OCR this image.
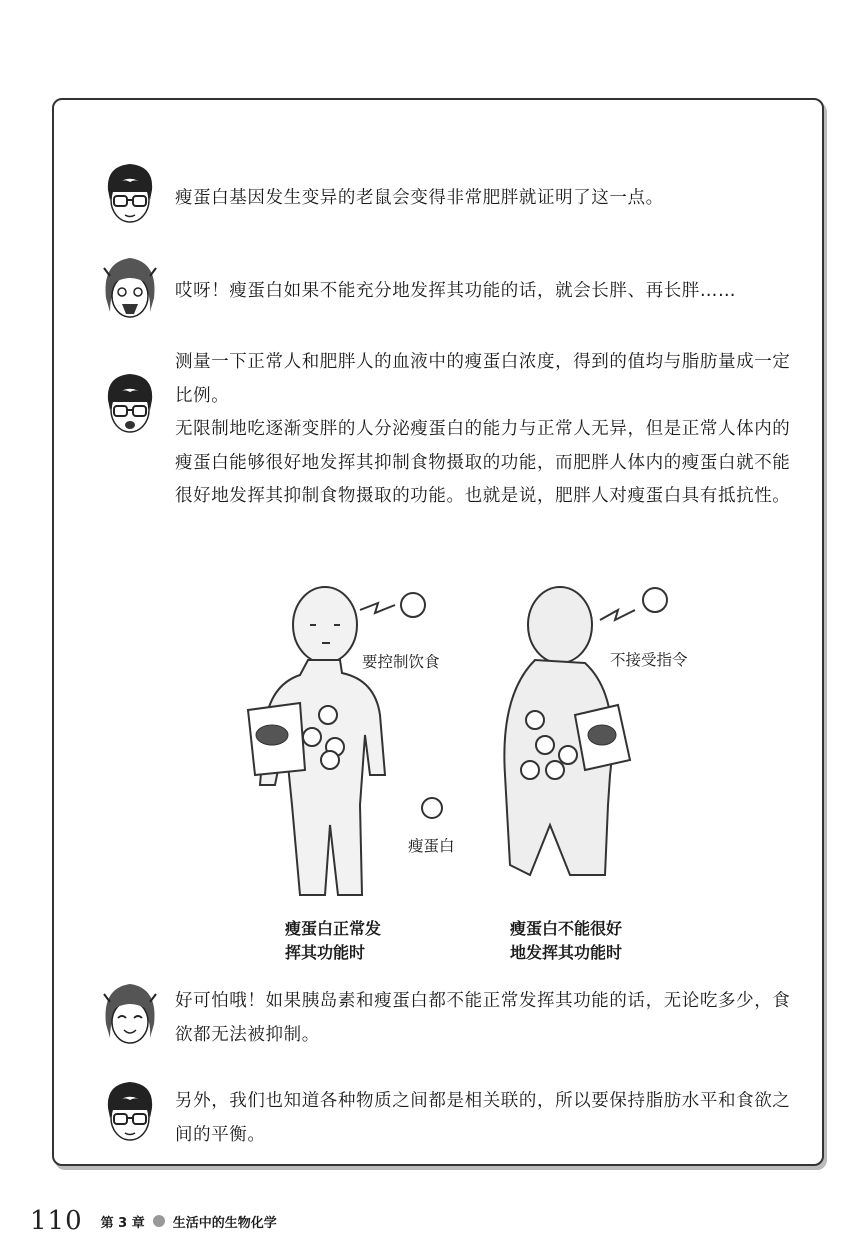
瘦蛋白基因发生变异的老鼠会变得非常肥胖就证明了这一点。

哎呀！瘦蛋白如果不能充分地发挥其功能的话，就会长胖、再长胖……

测量一下正常人和肥胖人的血液中的瘦蛋白浓度，得到的值均与脂肪量成一定比例。

无限制地吃逐渐变胖的人分泌瘦蛋白的能力与正常人无异，但是正常人体内的瘦蛋白能够很好地发挥其抑制食物摄取的功能，而肥胖人体内的瘦蛋白就不能很好地发挥其抑制食物摄取的功能。也就是说，肥胖人对瘦蛋白具有抵抗性。

好可怕哦！如果胰岛素和瘦蛋白都不能正常发挥其功能的话，无论吃多少，食欲都无法被抑制。

另外，我们也知道各种物质之间都是相关联的，所以要保持脂肪水平和食欲之间的平衡。

要控制饮食	不接受指令
瘦蛋白
瘦蛋白正常发
挥其功能时
瘦蛋白不能很好
地发挥其功能时
110 第 3 章 生活中的生物化学
